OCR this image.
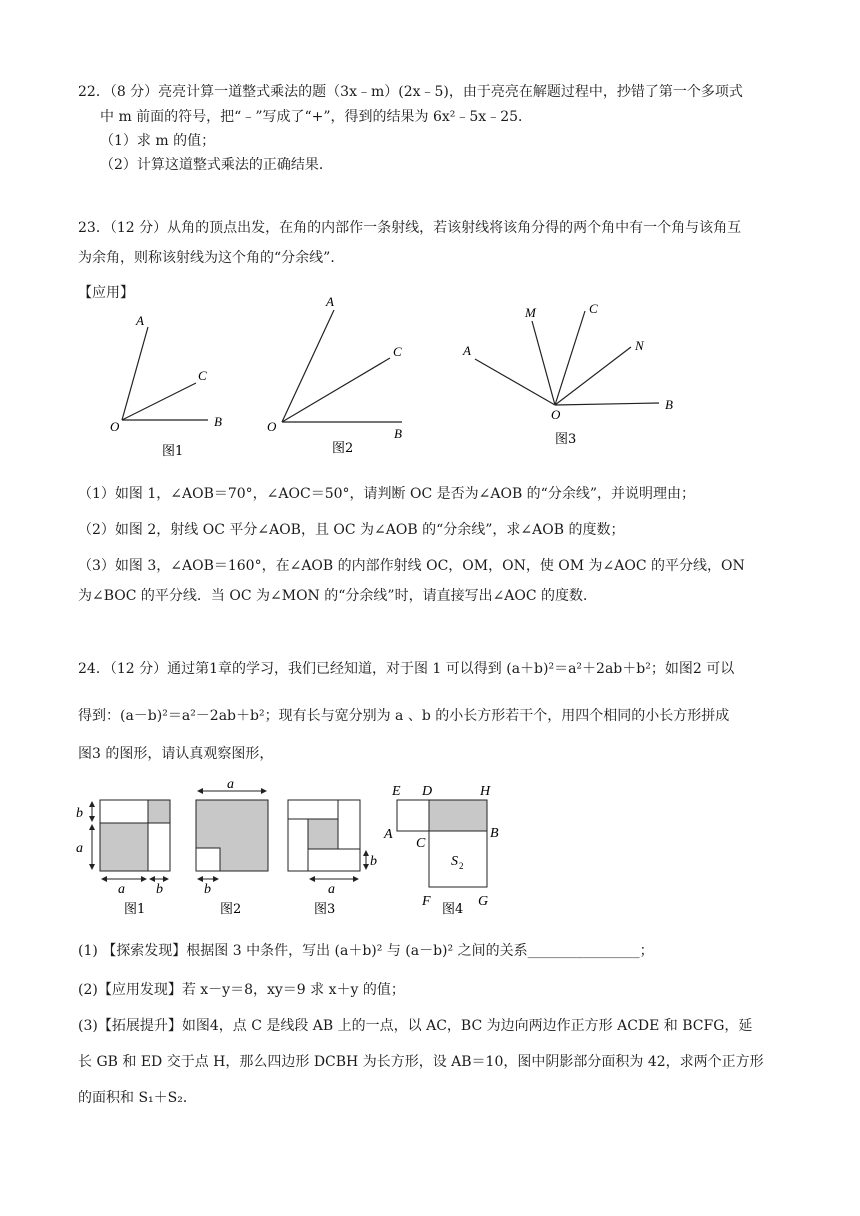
22．（8 分）亮亮计算一道整式乘法的题（3x﹣m）(2x﹣5)，由于亮亮在解题过程中，抄错了第一个多项式
中 m 前面的符号，把“﹣”写成了“+”，得到的结果为 6x²﹣5x﹣25．
（1）求 m 的值；
（2）计算这道整式乘法的正确结果．
23．（12 分）从角的顶点出发，在角的内部作一条射线，若该射线将该角分得的两个角中有一个角与该角互
为余角，则称该射线为这个角的“分余线”．
【应用】
A
C
O	B
图1
A
C
O	B
图2
A
M	C
N
O
B
图3
（1）如图 1，∠AOB＝70°，∠AOC＝50°，请判断 OC 是否为∠AOB 的“分余线”，并说明理由；
（2）如图 2，射线 OC 平分∠AOB，且 OC 为∠AOB 的“分余线”，求∠AOB 的度数；
（3）如图 3，∠AOB＝160°，在∠AOB 的内部作射线 OC，OM，ON，使 OM 为∠AOC 的平分线，ON
为∠BOC 的平分线．当 OC 为∠MON 的“分余线”时，请直接写出∠AOC 的度数．
24．（12 分）通过第1章的学习，我们已经知道，对于图 1 可以得到 (a＋b)²＝a²＋2ab＋b²；如图2 可以
得到：(a－b)²＝a²－2ab＋b²；现有长与宽分别为 a 、b 的小长方形若干个，用四个相同的小长方形拼成
图3 的图形，请认真观察图形，
b
a
a b
图1
a
b
图2
b
a
图3
E D	H
A
C
B
S 2
F	G
图4
(1) 【探索发现】根据图 3 中条件，写出 (a＋b)² 与 (a－b)² 之间的关系________________；
(2)【应用发现】若 x－y＝8，xy＝9 求 x＋y 的值；
(3)【拓展提升】如图4，点 C 是线段 AB 上的一点，以 AC，BC 为边向两边作正方形 ACDE 和 BCFG，延
长 GB 和 ED 交于点 H，那么四边形 DCBH 为长方形，设 AB＝10，图中阴影部分面积为 42，求两个正方形
的面积和 S₁＋S₂．
